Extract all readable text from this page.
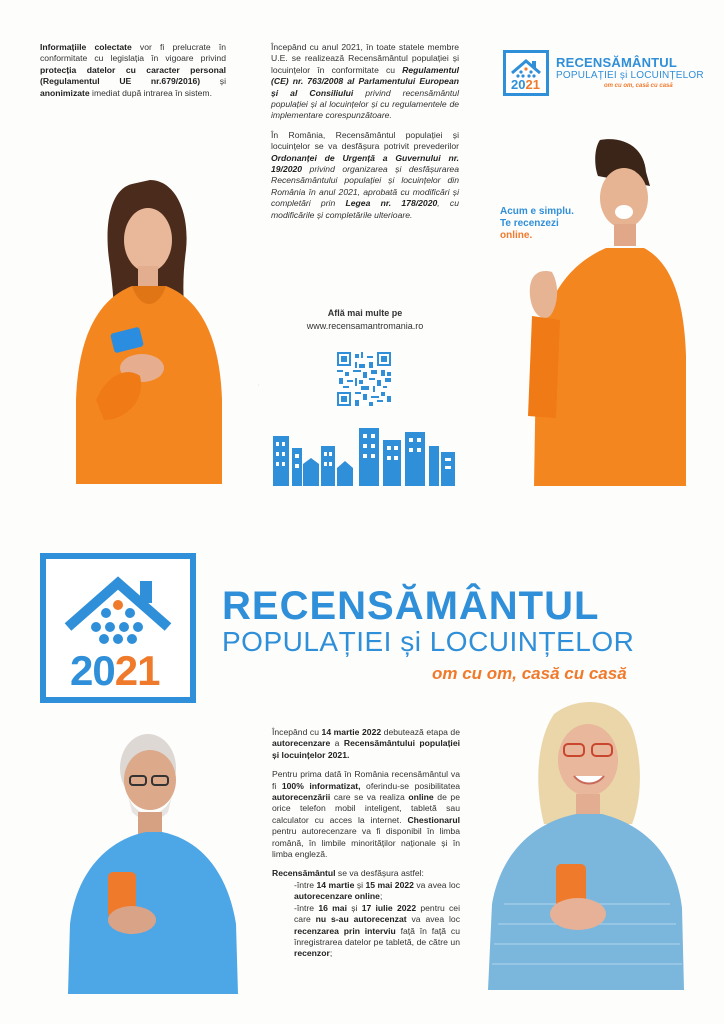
Informațiile colectate vor fi prelucrate în conformitate cu legislația în vigoare privind protecția datelor cu caracter personal (Regulamentul UE nr.679/2016) și anonimizate imediat după intrarea în sistem.

Începând cu anul 2021, în toate statele membre U.E. se realizează Recensământul populației și locuințelor în conformitate cu Regulamentul (CE) nr. 763/2008 al Parlamentului European și al Consiliului privind recensământul populației și al locuințelor și cu regulamentele de implementare corespunzătoare.

În România, Recensământul populației și locuințelor se va desfășura potrivit prevederilor Ordonanței de Urgență a Guvernului nr. 19/2020 privind organizarea și desfășurarea Recensământului populației și locuințelor din România în anul 2021, aprobată cu modificări și completări prin Legea nr. 178/2020, cu modificările și completările ulterioare.

Află mai multe pe
www.recensamantromania.ro
·
2021
RECENSĂMÂNTUL
POPULAȚIEI și LOCUINȚELOR
om cu om, casă cu casă
Acum e simplu.
Te recenzezi
online.
2021
RECENSĂMÂNTUL
POPULAȚIEI și LOCUINȚELOR
om cu om, casă cu casă

Începând cu 14 martie 2022 debutează etapa de autorecenzare a Recensământului populației și locuințelor 2021.

Pentru prima dată în România recensământul va fi 100% informatizat, oferindu-se posibilitatea autorecenzării care se va realiza online de pe orice telefon mobil inteligent, tabletă sau calculator cu acces la internet. Chestionarul pentru autorecenzare va fi disponibil în limba română, în limbile minorităților naționale și în limba engleză.

Recensământul se va desfășura astfel:

-între 14 martie și 15 mai 2022 va avea loc autorecenzare online;

-între 16 mai și 17 iulie 2022 pentru cei care nu s-au autorecenzat va avea loc recenzarea prin interviu față în față cu înregistrarea datelor pe tabletă, de către un recenzor;
